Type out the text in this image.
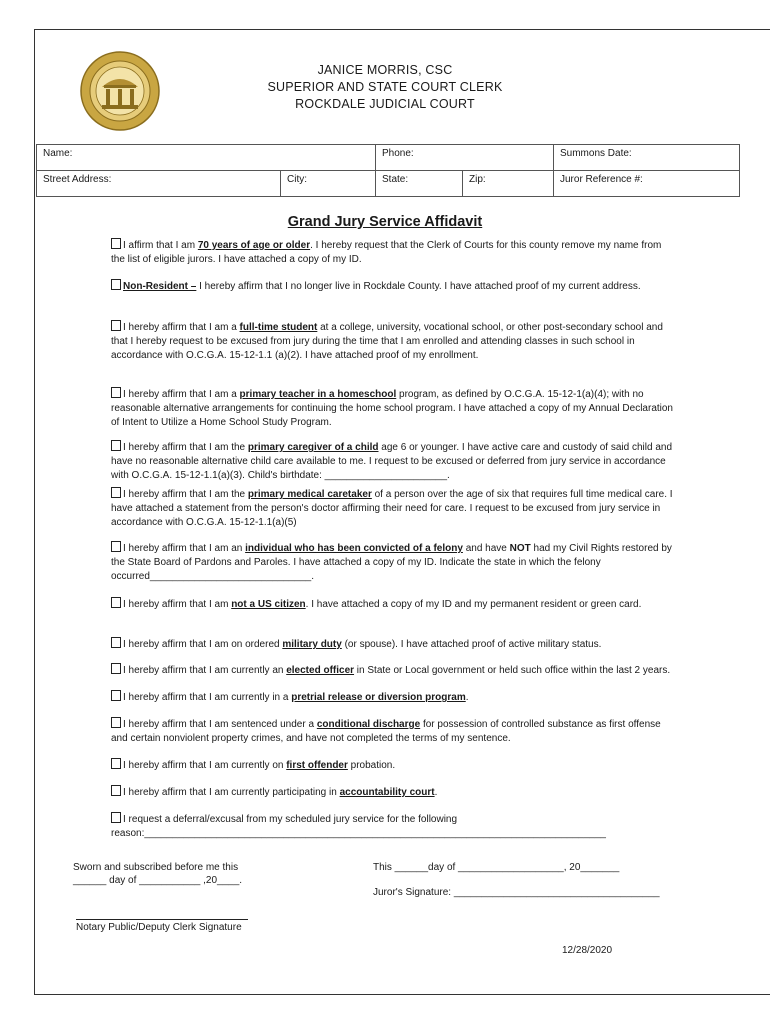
JANICE MORRIS, CSC
SUPERIOR AND STATE COURT CLERK
ROCKDALE JUDICIAL COURT
Name:		Phone:		Summons Date:
Street Address:	City:	State:	Zip:	Juror Reference #:
Grand Jury Service Affidavit
I affirm that I am 70 years of age or older. I hereby request that the Clerk of Courts for this county remove my name from the list of eligible jurors. I have attached a copy of my ID.
Non-Resident – I hereby affirm that I no longer live in Rockdale County. I have attached proof of my current address.
I hereby affirm that I am a full-time student at a college, university, vocational school, or other post-secondary school and that I hereby request to be excused from jury during the time that I am enrolled and attending classes in such school in accordance with O.C.G.A. 15-12-1.1 (a)(2). I have attached proof of my enrollment.
I hereby affirm that I am a primary teacher in a homeschool program, as defined by O.C.G.A. 15-12-1(a)(4); with no reasonable alternative arrangements for continuing the home school program. I have attached a copy of my Annual Declaration of Intent to Utilize a Home School Study Program.
I hereby affirm that I am the primary caregiver of a child age 6 or younger. I have active care and custody of said child and have no reasonable alternative child care available to me. I request to be excused or deferred from jury service in accordance with O.C.G.A. 15-12-1.1(a)(3). Child's birthdate: ______________________.
I hereby affirm that I am the primary medical caretaker of a person over the age of six that requires full time medical care. I have attached a statement from the person's doctor affirming their need for care. I request to be excused from jury service in accordance with O.C.G.A. 15-12-1.1(a)(5)
I hereby affirm that I am an individual who has been convicted of a felony and have NOT had my Civil Rights restored by the State Board of Pardons and Paroles. I have attached a copy of my ID. Indicate the state in which the felony occurred_____________________________.
I hereby affirm that I am not a US citizen. I have attached a copy of my ID and my permanent resident or green card.
I hereby affirm that I am on ordered military duty (or spouse). I have attached proof of active military status.
I hereby affirm that I am currently an elected officer in State or Local government or held such office within the last 2 years.
I hereby affirm that I am currently in a pretrial release or diversion program.
I hereby affirm that I am sentenced under a conditional discharge for possession of controlled substance as first offense and certain nonviolent property crimes, and have not completed the terms of my sentence.
I hereby affirm that I am currently on first offender probation.
I hereby affirm that I am currently participating in accountability court.
I request a deferral/excusal from my scheduled jury service for the following reason:___________________________________________________________________________________
Sworn and subscribed before me this
______ day of ___________ ,20____.
This ______day of ___________________, 20_______
Juror's Signature: _____________________________________
Notary Public/Deputy Clerk Signature
12/28/2020
